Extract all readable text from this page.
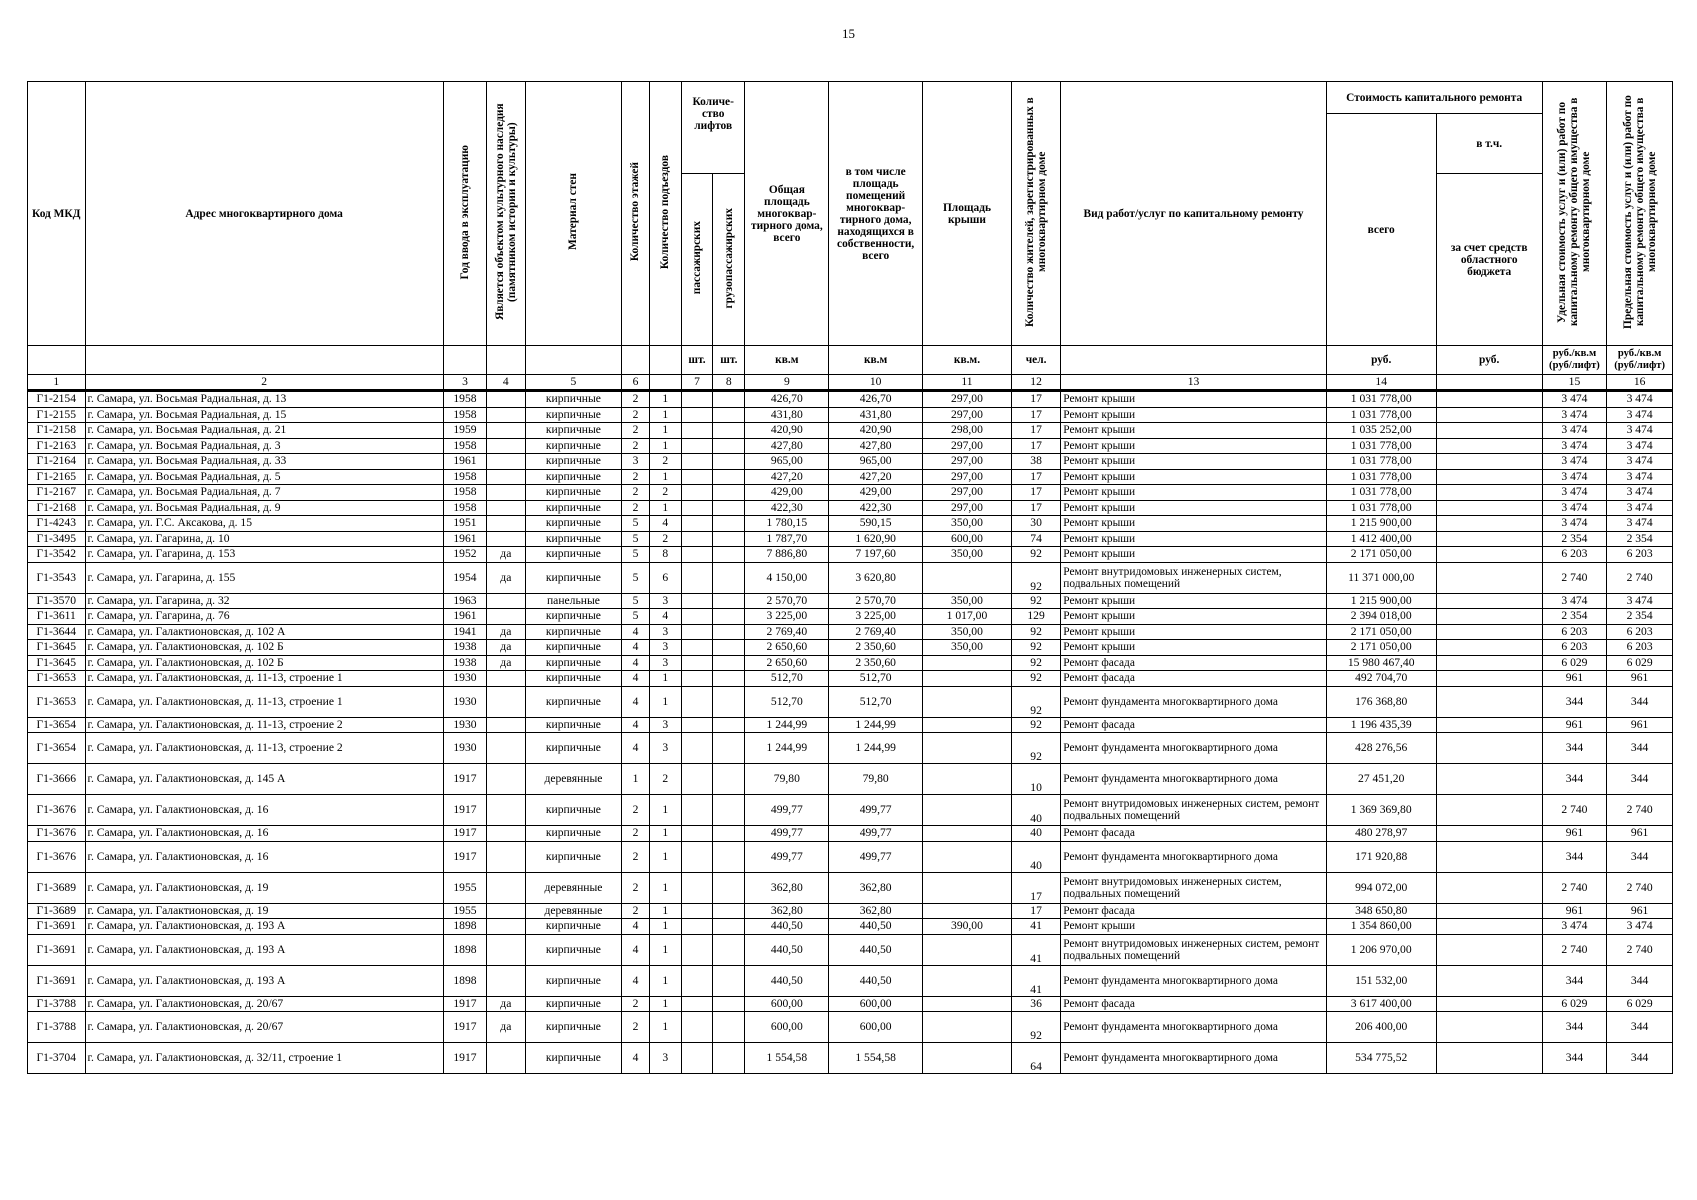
15
Код МКД	Адрес многоквартирного дома	Год ввода в эксплуатацию	Является объектом культурного наследия (памятником истории и культуры)	Материал стен	Количество этажей	Количество подъездов	Количе-ство лифтов		Общая площадь многоквар-тирного дома, всего	в том числе площадь помещений многоквар-тирного дома, находящихся в собственности, всего	Площадь крыши	Количество жителей, зарегистрированных в многоквартирном доме	Вид работ/услуг по капитальному ремонту	Стоимость капитального ремонта		Удельная стоимость услуг и (или) работ по капитальному ремонту общего имущества в многоквартирном доме	Предельная стоимость услуг и (или) работ по капитальному ремонту общего имущества в многоквартирном доме
														всего	в т.ч.		
							пассажирских	грузопассажирских							за счет средств областного бюджета		
							шт.	шт.	кв.м	кв.м	кв.м.	чел.		руб.	руб.	руб./кв.м (руб/лифт)	руб./кв.м (руб/лифт)
1	2	3	4	5	6		7	8	9	10	11	12	13	14		15	16
Г1-2154	г. Самара, ул. Восьмая Радиальная, д. 13	1958		кирпичные	2	1			426,70	426,70	297,00	17	Ремонт крыши	1 031 778,00		3 474	3 474
Г1-2155	г. Самара, ул. Восьмая Радиальная, д. 15	1958		кирпичные	2	1			431,80	431,80	297,00	17	Ремонт крыши	1 031 778,00		3 474	3 474
Г1-2158	г. Самара, ул. Восьмая Радиальная, д. 21	1959		кирпичные	2	1			420,90	420,90	298,00	17	Ремонт крыши	1 035 252,00		3 474	3 474
Г1-2163	г. Самара, ул. Восьмая Радиальная, д. 3	1958		кирпичные	2	1			427,80	427,80	297,00	17	Ремонт крыши	1 031 778,00		3 474	3 474
Г1-2164	г. Самара, ул. Восьмая Радиальная, д. 33	1961		кирпичные	3	2			965,00	965,00	297,00	38	Ремонт крыши	1 031 778,00		3 474	3 474
Г1-2165	г. Самара, ул. Восьмая Радиальная, д. 5	1958		кирпичные	2	1			427,20	427,20	297,00	17	Ремонт крыши	1 031 778,00		3 474	3 474
Г1-2167	г. Самара, ул. Восьмая Радиальная, д. 7	1958		кирпичные	2	2			429,00	429,00	297,00	17	Ремонт крыши	1 031 778,00		3 474	3 474
Г1-2168	г. Самара, ул. Восьмая Радиальная, д. 9	1958		кирпичные	2	1			422,30	422,30	297,00	17	Ремонт крыши	1 031 778,00		3 474	3 474
Г1-4243	г. Самара, ул. Г.С. Аксакова, д. 15	1951		кирпичные	5	4			1 780,15	590,15	350,00	30	Ремонт крыши	1 215 900,00		3 474	3 474
Г1-3495	г. Самара, ул. Гагарина, д. 10	1961		кирпичные	5	2			1 787,70	1 620,90	600,00	74	Ремонт крыши	1 412 400,00		2 354	2 354
Г1-3542	г. Самара, ул. Гагарина, д. 153	1952	да	кирпичные	5	8			7 886,80	7 197,60	350,00	92	Ремонт крыши	2 171 050,00		6 203	6 203
Г1-3543	г. Самара, ул. Гагарина, д. 155	1954	да	кирпичные	5	6			4 150,00	3 620,80		92	Ремонт внутридомовых инженерных систем, подвальных помещений	11 371 000,00		2 740	2 740
Г1-3570	г. Самара, ул. Гагарина, д. 32	1963		панельные	5	3			2 570,70	2 570,70	350,00	92	Ремонт крыши	1 215 900,00		3 474	3 474
Г1-3611	г. Самара, ул. Гагарина, д. 76	1961		кирпичные	5	4			3 225,00	3 225,00	1 017,00	129	Ремонт крыши	2 394 018,00		2 354	2 354
Г1-3644	г. Самара, ул. Галактионовская, д. 102 А	1941	да	кирпичные	4	3			2 769,40	2 769,40	350,00	92	Ремонт крыши	2 171 050,00		6 203	6 203
Г1-3645	г. Самара, ул. Галактионовская, д. 102 Б	1938	да	кирпичные	4	3			2 650,60	2 350,60	350,00	92	Ремонт крыши	2 171 050,00		6 203	6 203
Г1-3645	г. Самара, ул. Галактионовская, д. 102 Б	1938	да	кирпичные	4	3			2 650,60	2 350,60		92	Ремонт фасада	15 980 467,40		6 029	6 029
Г1-3653	г. Самара, ул. Галактионовская, д. 11-13, строение 1	1930		кирпичные	4	1			512,70	512,70		92	Ремонт фасада	492 704,70		961	961
Г1-3653	г. Самара, ул. Галактионовская, д. 11-13, строение 1	1930		кирпичные	4	1			512,70	512,70		92	Ремонт фундамента многоквартирного дома	176 368,80		344	344
Г1-3654	г. Самара, ул. Галактионовская, д. 11-13, строение 2	1930		кирпичные	4	3			1 244,99	1 244,99		92	Ремонт фасада	1 196 435,39		961	961
Г1-3654	г. Самара, ул. Галактионовская, д. 11-13, строение 2	1930		кирпичные	4	3			1 244,99	1 244,99		92	Ремонт фундамента многоквартирного дома	428 276,56		344	344
Г1-3666	г. Самара, ул. Галактионовская, д. 145 А	1917		деревянные	1	2			79,80	79,80		10	Ремонт фундамента многоквартирного дома	27 451,20		344	344
Г1-3676	г. Самара, ул. Галактионовская, д. 16	1917		кирпичные	2	1			499,77	499,77		40	Ремонт внутридомовых инженерных систем, ремонт подвальных помещений	1 369 369,80		2 740	2 740
Г1-3676	г. Самара, ул. Галактионовская, д. 16	1917		кирпичные	2	1			499,77	499,77		40	Ремонт фасада	480 278,97		961	961
Г1-3676	г. Самара, ул. Галактионовская, д. 16	1917		кирпичные	2	1			499,77	499,77		40	Ремонт фундамента многоквартирного дома	171 920,88		344	344
Г1-3689	г. Самара, ул. Галактионовская, д. 19	1955		деревянные	2	1			362,80	362,80		17	Ремонт внутридомовых инженерных систем, подвальных помещений	994 072,00		2 740	2 740
Г1-3689	г. Самара, ул. Галактионовская, д. 19	1955		деревянные	2	1			362,80	362,80		17	Ремонт фасада	348 650,80		961	961
Г1-3691	г. Самара, ул. Галактионовская, д. 193 А	1898		кирпичные	4	1			440,50	440,50	390,00	41	Ремонт крыши	1 354 860,00		3 474	3 474
Г1-3691	г. Самара, ул. Галактионовская, д. 193 А	1898		кирпичные	4	1			440,50	440,50		41	Ремонт внутридомовых инженерных систем, ремонт подвальных помещений	1 206 970,00		2 740	2 740
Г1-3691	г. Самара, ул. Галактионовская, д. 193 А	1898		кирпичные	4	1			440,50	440,50		41	Ремонт фундамента многоквартирного дома	151 532,00		344	344
Г1-3788	г. Самара, ул. Галактионовская, д. 20/67	1917	да	кирпичные	2	1			600,00	600,00		36	Ремонт фасада	3 617 400,00		6 029	6 029
Г1-3788	г. Самара, ул. Галактионовская, д. 20/67	1917	да	кирпичные	2	1			600,00	600,00		92	Ремонт фундамента многоквартирного дома	206 400,00		344	344
Г1-3704	г. Самара, ул. Галактионовская, д. 32/11, строение 1	1917		кирпичные	4	3			1 554,58	1 554,58		64	Ремонт фундамента многоквартирного дома	534 775,52		344	344
